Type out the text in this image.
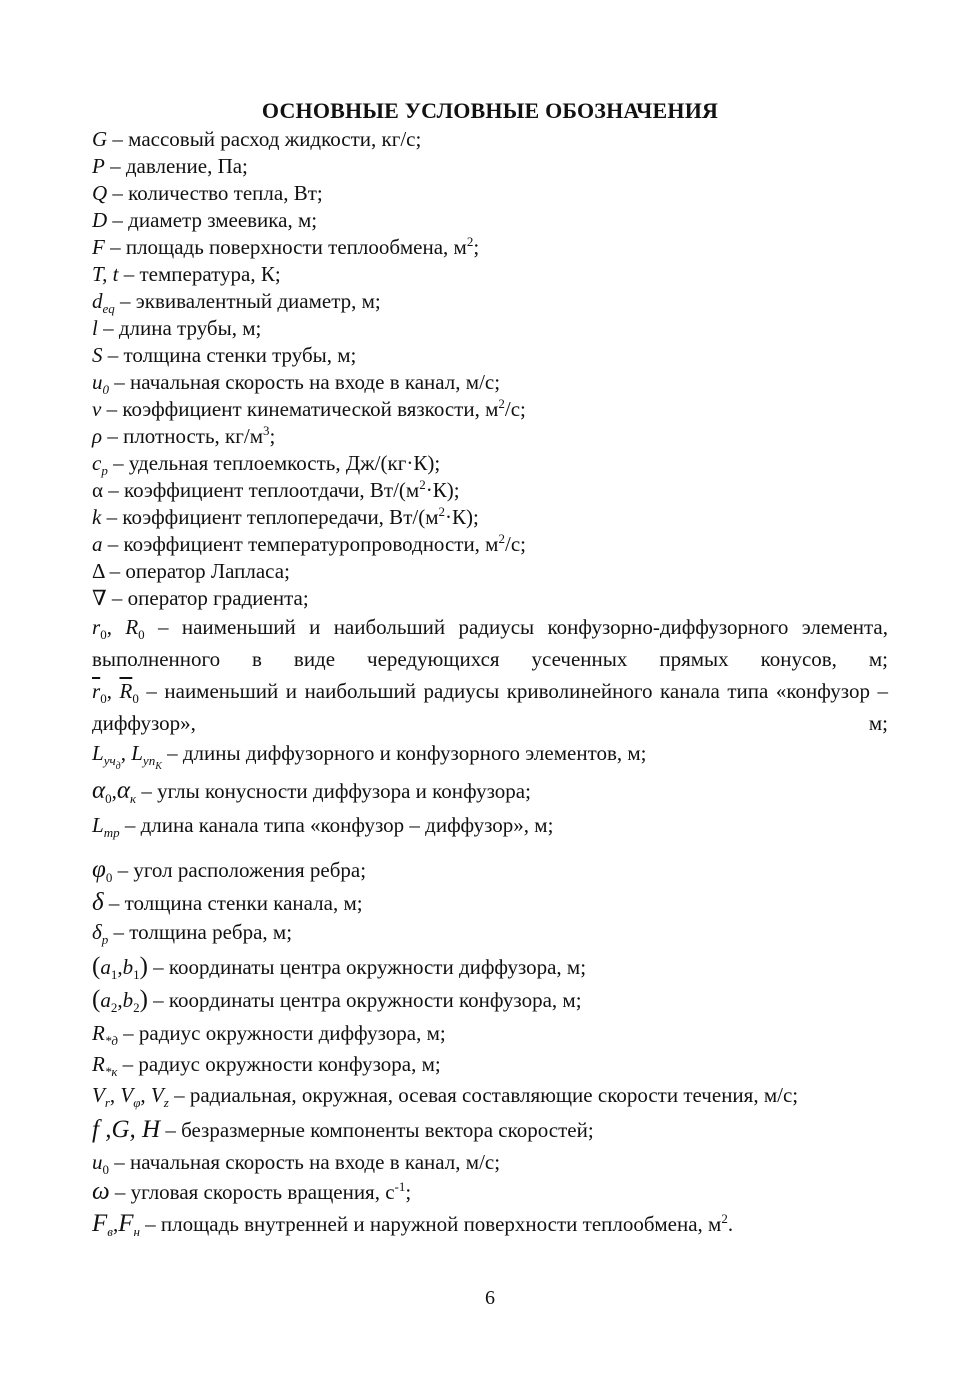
ОСНОВНЫЕ УСЛОВНЫЕ ОБОЗНАЧЕНИЯ
G – массовый расход жидкости, кг/с;
P – давление, Па;
Q – количество тепла, Вт;
D – диаметр змеевика, м;
F – площадь поверхности теплообмена, $м^2$;
T, t – температура, К;
$d_{eq}$ – эквивалентный диаметр, м;
l – длина трубы, м;
S – толщина стенки трубы, м;
$u_0$ – начальная скорость на входе в канал, м/с;
ν – коэффициент кинематической вязкости, $м^2/с$;
ρ – плотность, $кг/м^3$;
$c_p$ – удельная теплоемкость, Дж/(кг·К);
α – коэффициент теплоотдачи, $Вт/(м^2\cdot К)$;
k – коэффициент теплопередачи, $Вт/(м^2\cdot К)$;
a – коэффициент температуропроводности, $м^2/с$;
Δ – оператор Лапласа;
∇ – оператор градиента;
$r_0$, $R_0$ – наименьший и наибольший радиусы конфузорно-диффузорного элемента, выполненного в виде чередующихся усеченных прямых конусов, м;
$\overline{r}_0$, $\overline{R}_0$ – наименьший и наибольший радиусы криволинейного канала типа «конфузор – диффузор», м;
$L_{уч_д}$, $L_{уп_К}$ – длины диффузорного и конфузорного элементов, м;
$\alpha_0,\alpha_к$ – углы конусности диффузора и конфузора;
$L_{тр}$ – длина канала типа «конфузор – диффузор», м;
$\varphi_0$ – угол расположения ребра;
δ – толщина стенки канала, м;
$\delta_р$ – толщина ребра, м;
$(a_1,b_1)$ – координаты центра окружности диффузора, м;
$(a_2,b_2)$ – координаты центра окружности конфузора, м;
$R_{*д}$ – радиус окружности диффузора, м;
$R_{*к}$ – радиус окружности конфузора, м;
$V_r$, $V_\varphi$, $V_z$ – радиальная, окружная, осевая составляющие скорости течения, м/с;
f ,G, H – безразмерные компоненты вектора скоростей;
$u_0$ – начальная скорость на входе в канал, м/с;
ω – угловая скорость вращения, $с^{-1}$;
$F_в,F_н$ – площадь внутренней и наружной поверхности теплообмена, $м^2$.
6
